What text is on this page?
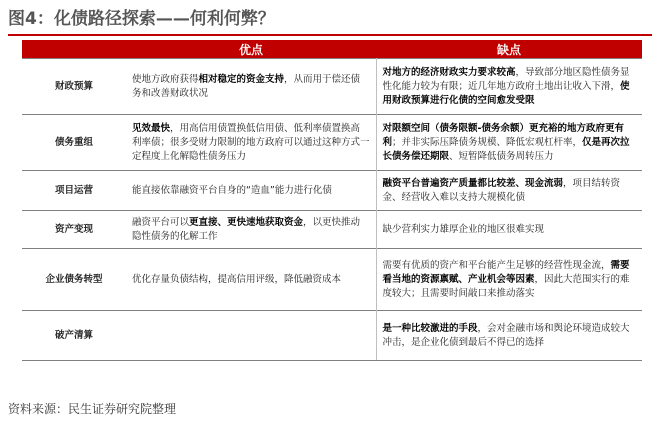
图4：化债路径探索——何利何弊？
	优点	缺点
财政预算	使地方政府获得相对稳定的资金支持，从而用于偿还债务和改善财政状况	对地方的经济财政实力要求较高，导致部分地区隐性债务显性化能力较为有限；近几年地方政府土地出让收入下滑，使用财政预算进行化债的空间愈发受限
债务重组	见效最快，用高信用债置换低信用债、低利率债置换高利率债；很多受财力限制的地方政府可以通过这种方式一定程度上化解隐性债务压力	对限额空间（债务限额-债务余额）更充裕的地方政府更有利；并非实际压降债务规模、降低宏观杠杆率，仅是再次拉长债务偿还期限、短暂降低债务周转压力
项目运营	能直接依靠融资平台自身的“造血”能力进行化债	融资平台普遍资产质量都比较差、现金流弱，项目结转资金、经营收入难以支持大规模化债
资产变现	融资平台可以更直接、更快速地获取资金，以更快推动隐性债务的化解工作	缺少营利实力雄厚企业的地区很难实现
企业债务转型	优化存量负债结构，提高信用评级，降低融资成本	需要有优质的资产和平台能产生足够的经营性现金流，需要看当地的资源禀赋、产业机会等因素，因此大范围实行的难度较大；且需要时间敲口来推动落实
破产清算		是一种比较激进的手段，会对金融市场和舆论环境造成较大冲击，是企业化债到最后不得已的选择
资料来源：民生证券研究院整理
